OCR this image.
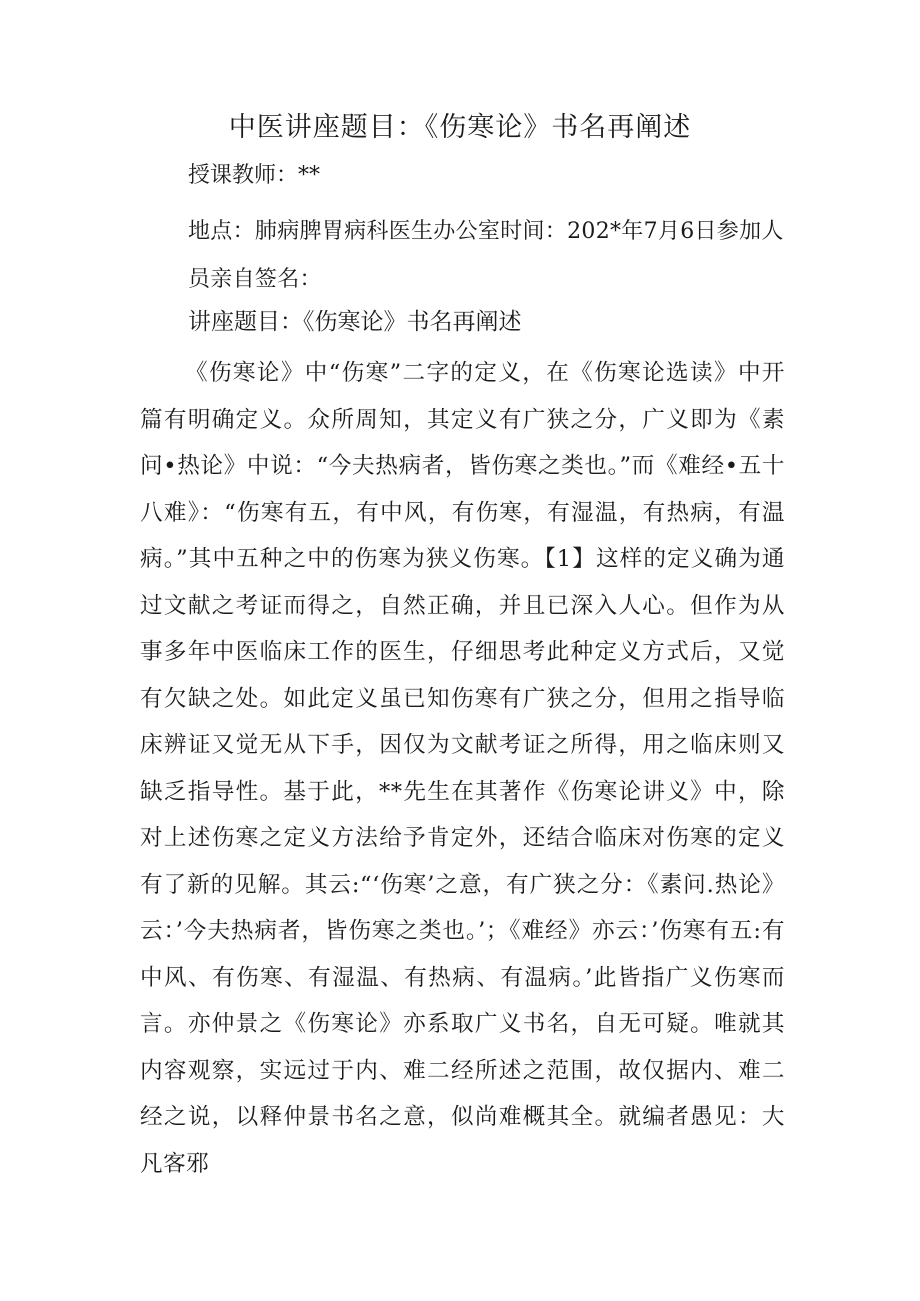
中医讲座题目：《伤寒论》书名再阐述
授课教师：**
地点：肺病脾胃病科医生办公室时间：202*年7月6日参加人员亲自签名：
讲座题目：《伤寒论》书名再阐述
《伤寒论》中“伤寒”二字的定义，在《伤寒论选读》中开篇有明确定义。众所周知，其定义有广狭之分，广义即为《素问•热论》中说：“今夫热病者，皆伤寒之类也。”而《难经•五十八难》：“伤寒有五，有中风，有伤寒，有湿温，有热病，有温病。”其中五种之中的伤寒为狭义伤寒。【1】这样的定义确为通过文献之考证而得之，自然正确，并且已深入人心。但作为从事多年中医临床工作的医生，仔细思考此种定义方式后，又觉有欠缺之处。如此定义虽已知伤寒有广狭之分，但用之指导临床辨证又觉无从下手，因仅为文献考证之所得，用之临床则又缺乏指导性。基于此，**先生在其著作《伤寒论讲义》中，除对上述伤寒之定义方法给予肯定外，还结合临床对伤寒的定义有了新的见解。其云:“‘伤寒’之意，有广狭之分：《素问.热论》云：’今夫热病者，皆伤寒之类也。’；《难经》亦云：’伤寒有五:有中风、有伤寒、有湿温、有热病、有温病。’此皆指广义伤寒而言。亦仲景之《伤寒论》亦系取广义书名，自无可疑。唯就其内容观察，实远过于内、难二经所述之范围，故仅据内、难二经之说，以释仲景书名之意，似尚难概其全。就编者愚见：大凡客邪
